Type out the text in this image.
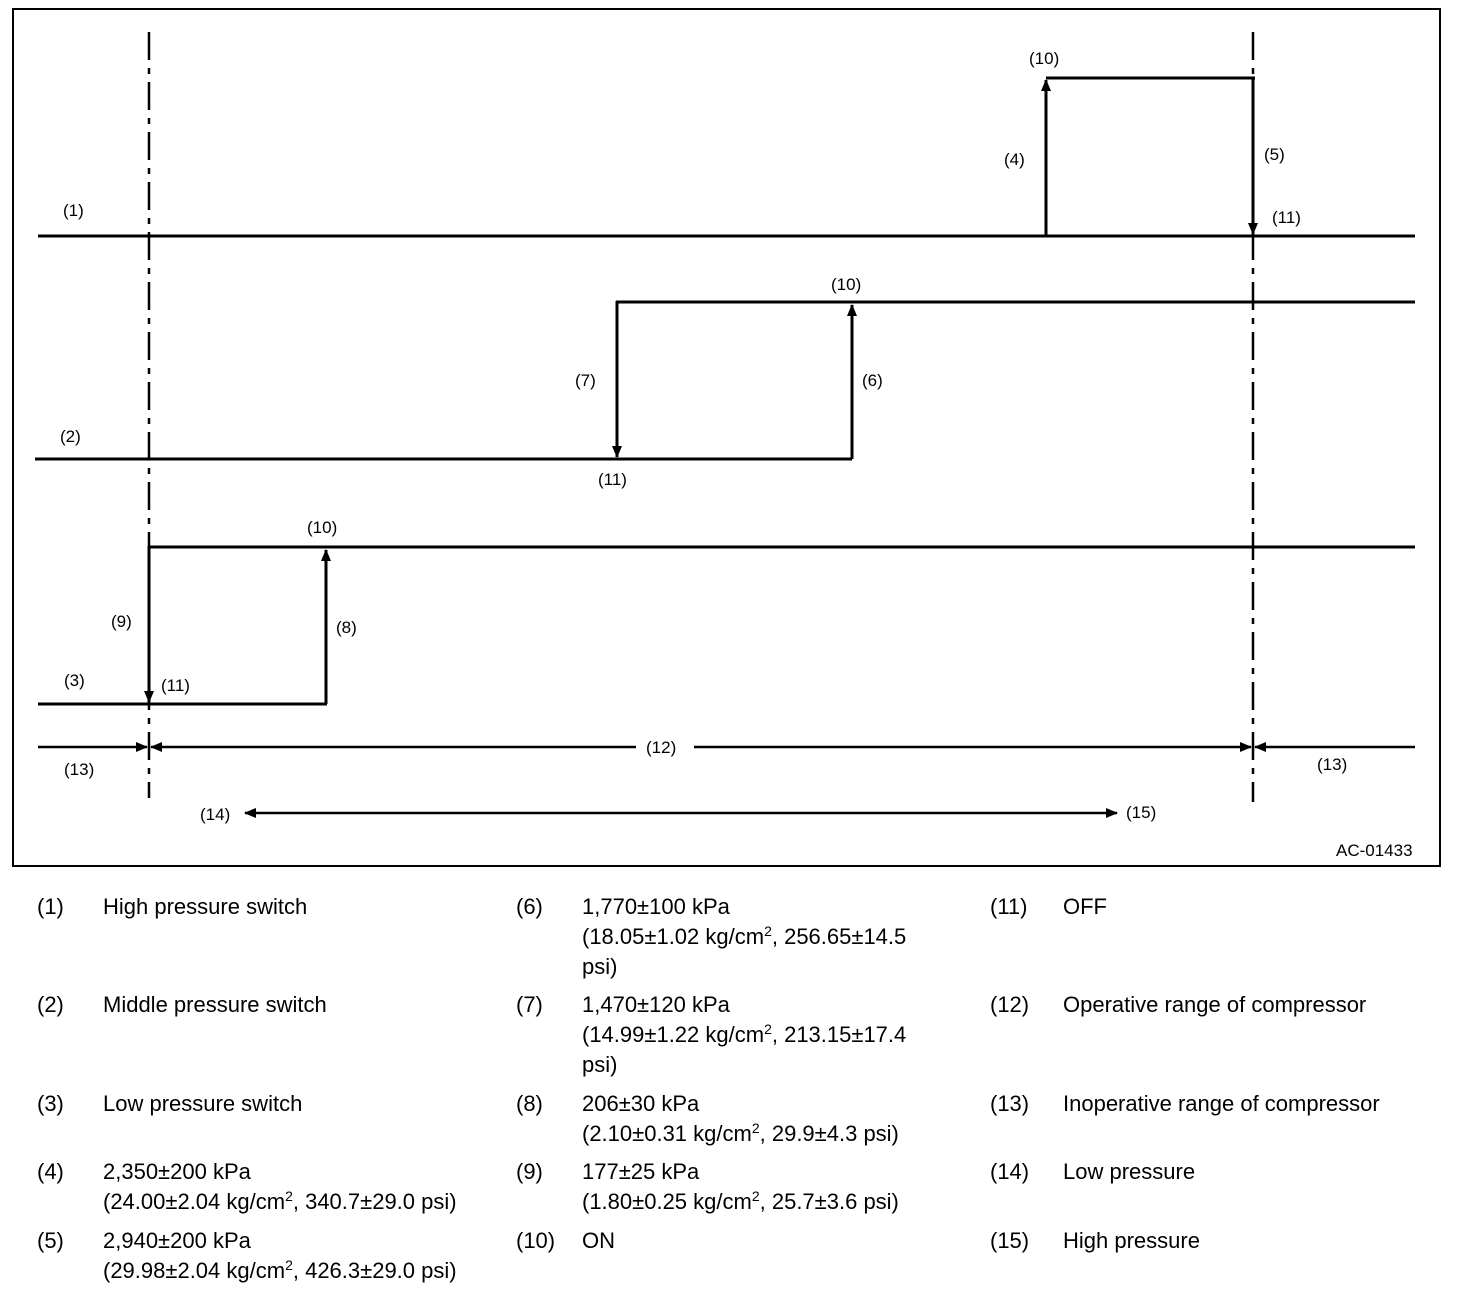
(1)
(2)
(3)
(4)	(5)
(6)
(7)
(8)
(9)
(10)
(10)
(10)
(11)
(11)
(11)
(12)
(13)	(13)
(14)	(15)
AC-01433
(1)	High pressure switch
(2)	Middle pressure switch
(3)	Low pressure switch
(4)	2,350±200 kPa
(24.00±2.04 $kg/cm^2$, 340.7±29.0 psi)
(5)	2,940±200 kPa
(29.98±2.04 $kg/cm^2$, 426.3±29.0 psi)
(6)	1,770±100 kPa
(18.05±1.02 $kg/cm^2$, 256.65±14.5
psi)
(7)	1,470±120 kPa
(14.99±1.22 $kg/cm^2$, 213.15±17.4
psi)
(8)	206±30 kPa
(2.10±0.31 $kg/cm^2$, 29.9±4.3 psi)
(9)	177±25 kPa
(1.80±0.25 $kg/cm^2$, 25.7±3.6 psi)
(10)	ON
(11)	OFF
(12)	Operative range of compressor
(13)	Inoperative range of compressor
(14)	Low pressure
(15)	High pressure
